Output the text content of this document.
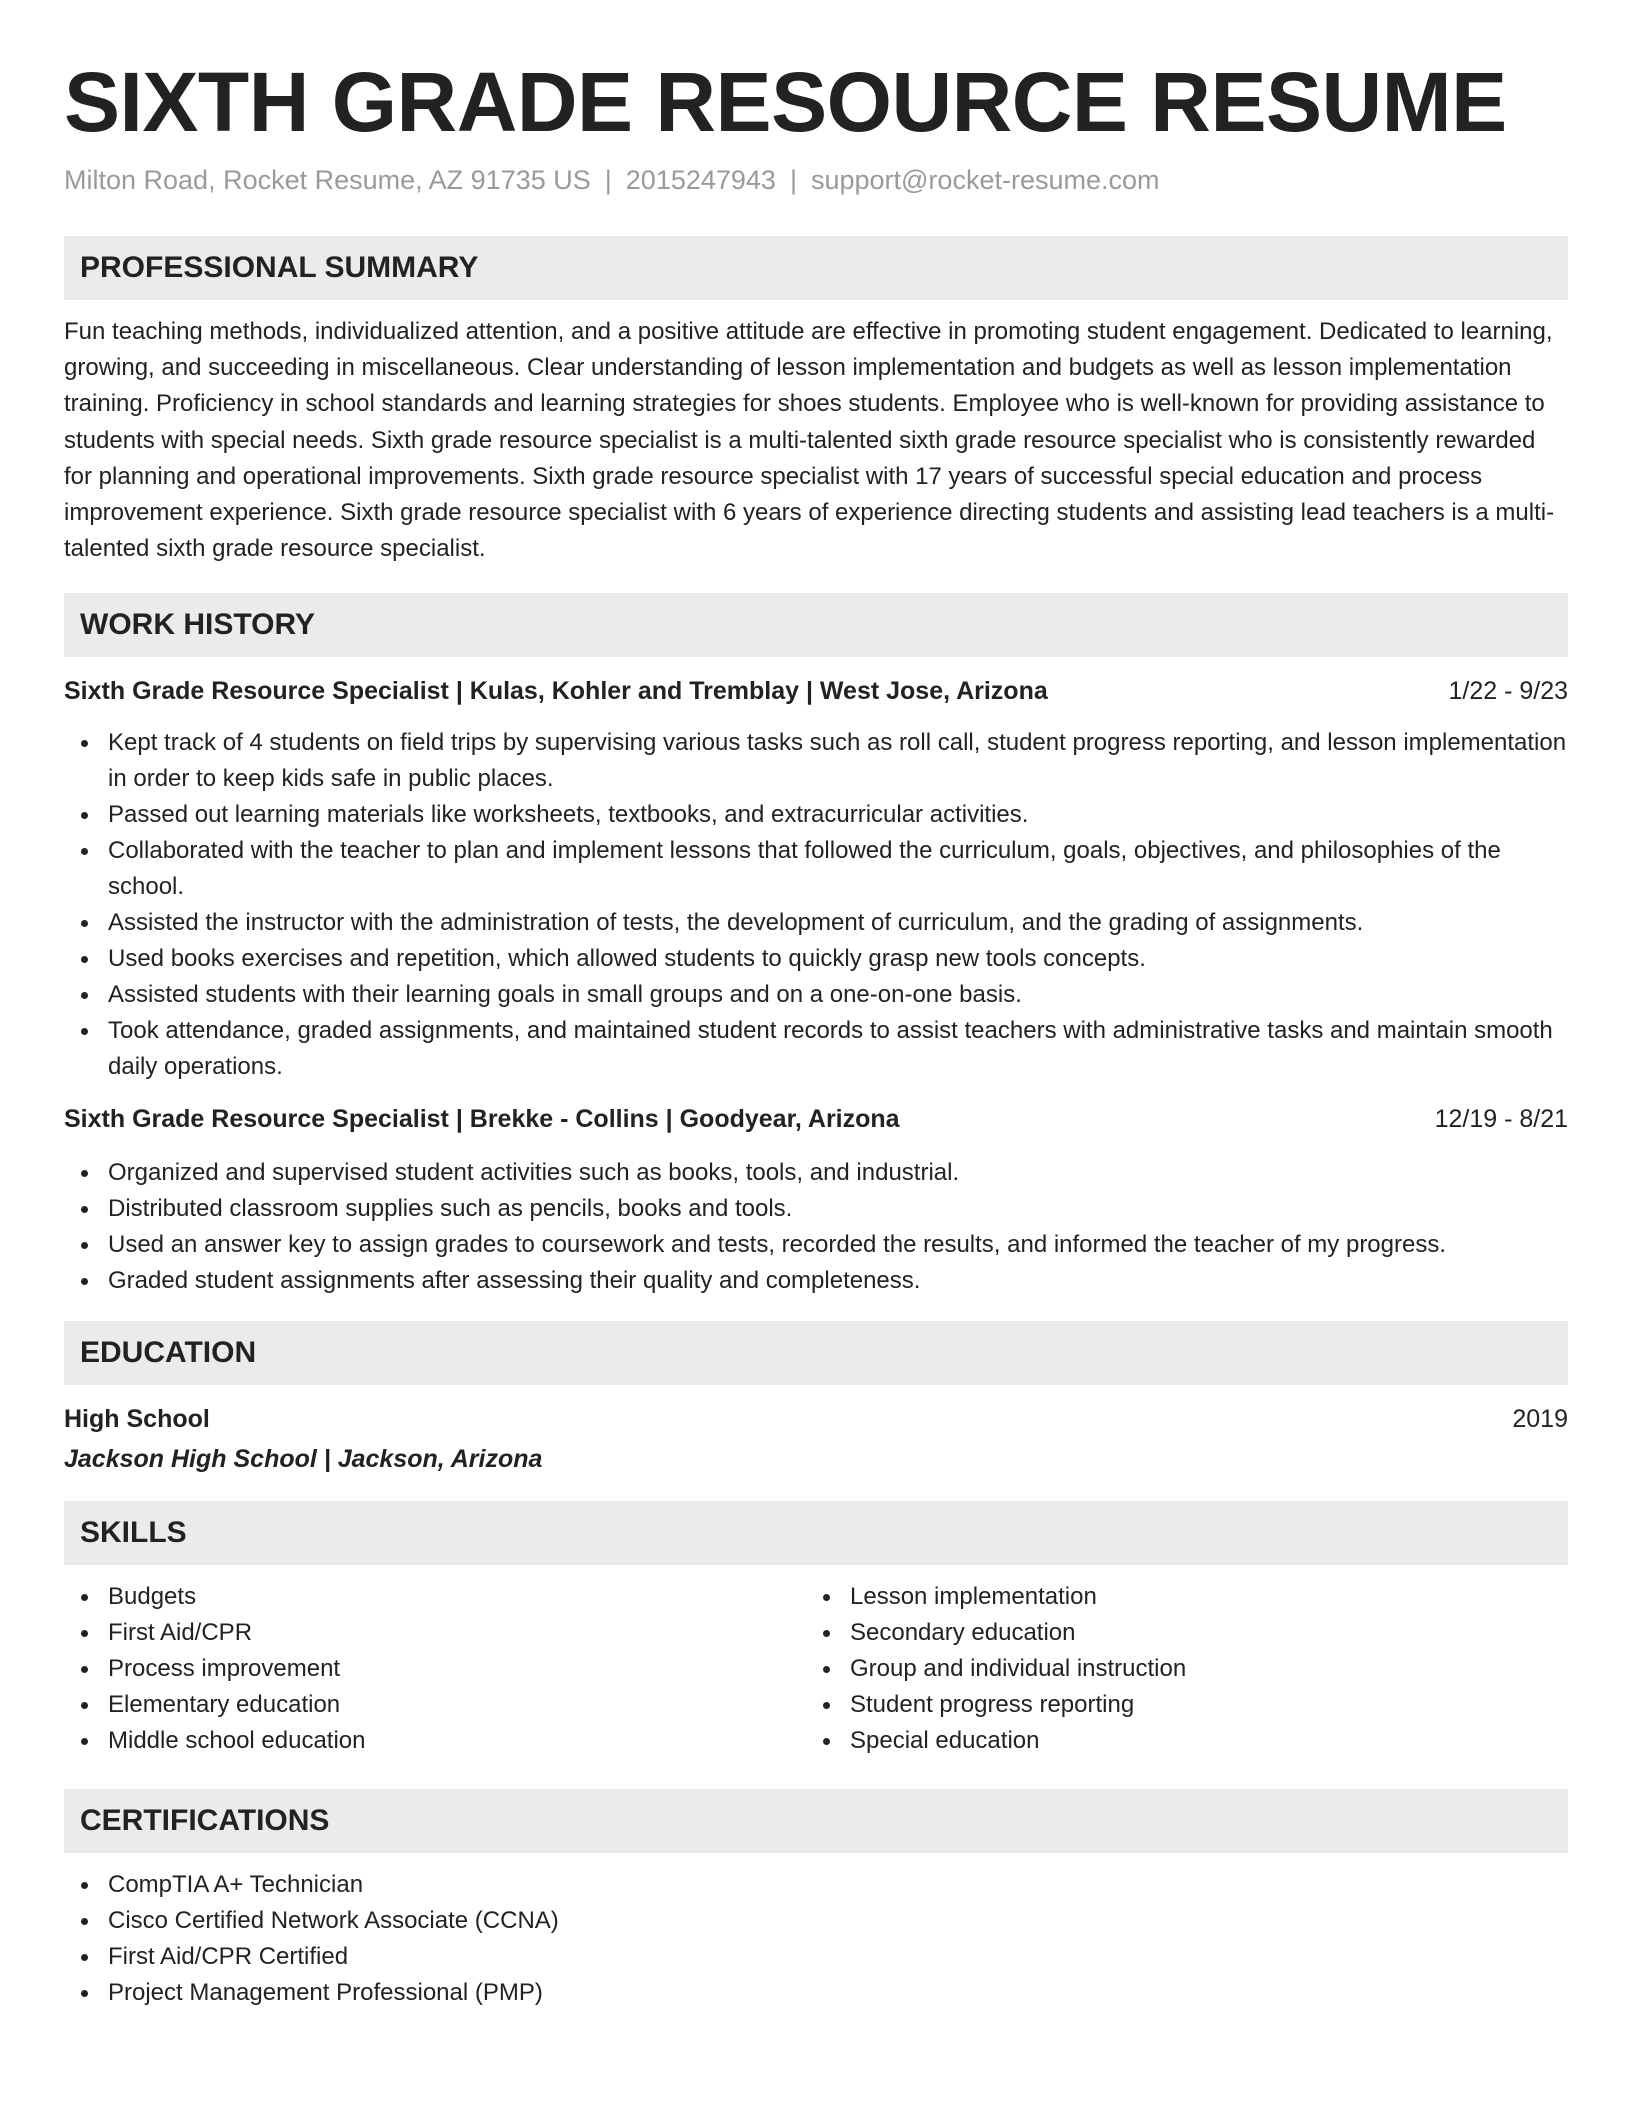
SIXTH GRADE RESOURCE RESUME
Milton Road, Rocket Resume, AZ 91735 US | 2015247943 | support@rocket-resume.com
PROFESSIONAL SUMMARY

Fun teaching methods, individualized attention, and a positive attitude are effective in promoting student engagement. Dedicated to learning, growing, and succeeding in miscellaneous. Clear understanding of lesson implementation and budgets as well as lesson implementation training. Proficiency in school standards and learning strategies for shoes students. Employee who is well-known for providing assistance to students with special needs. Sixth grade resource specialist is a multi-talented sixth grade resource specialist who is consistently rewarded for planning and operational improvements. Sixth grade resource specialist with 17 years of successful special education and process improvement experience. Sixth grade resource specialist with 6 years of experience directing students and assisting lead teachers is a multi-talented sixth grade resource specialist.

WORK HISTORY
Sixth Grade Resource Specialist | Kulas, Kohler and Tremblay | West Jose, Arizona	1/22 - 9/23
Kept track of 4 students on field trips by supervising various tasks such as roll call, student progress reporting, and lesson implementation in order to keep kids safe in public places.
Passed out learning materials like worksheets, textbooks, and extracurricular activities.
Collaborated with the teacher to plan and implement lessons that followed the curriculum, goals, objectives, and philosophies of the school.
Assisted the instructor with the administration of tests, the development of curriculum, and the grading of assignments.
Used books exercises and repetition, which allowed students to quickly grasp new tools concepts.
Assisted students with their learning goals in small groups and on a one-on-one basis.
Took attendance, graded assignments, and maintained student records to assist teachers with administrative tasks and maintain smooth daily operations.
Sixth Grade Resource Specialist | Brekke - Collins | Goodyear, Arizona	12/19 - 8/21
Organized and supervised student activities such as books, tools, and industrial.
Distributed classroom supplies such as pencils, books and tools.
Used an answer key to assign grades to coursework and tests, recorded the results, and informed the teacher of my progress.
Graded student assignments after assessing their quality and completeness.
EDUCATION
High School	2019
Jackson High School | Jackson, Arizona
SKILLS
Budgets
First Aid/CPR
Process improvement
Elementary education
Middle school education
Lesson implementation
Secondary education
Group and individual instruction
Student progress reporting
Special education
CERTIFICATIONS
CompTIA A+ Technician
Cisco Certified Network Associate (CCNA)
First Aid/CPR Certified
Project Management Professional (PMP)
